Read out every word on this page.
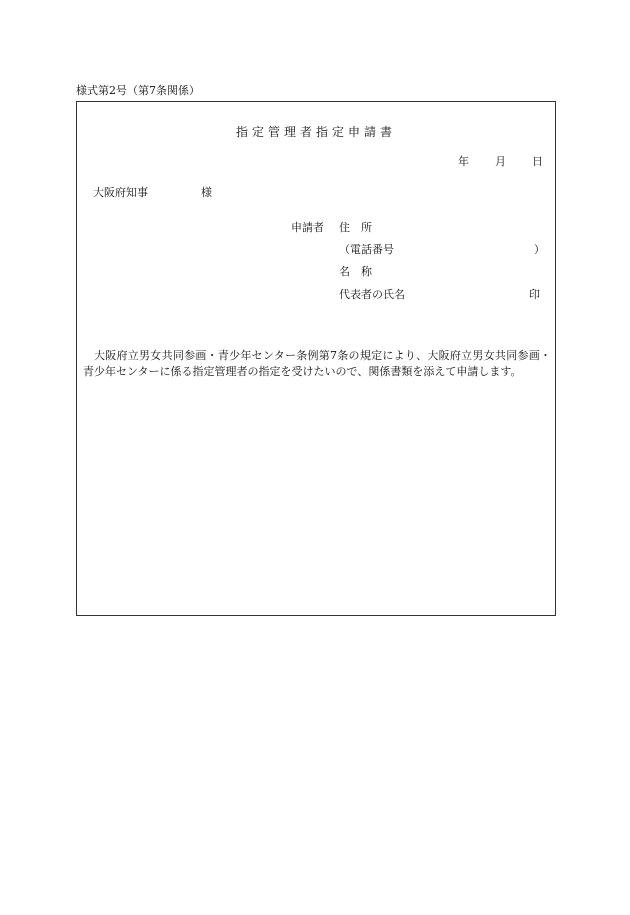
様式第2号（第7条関係）
指定管理者指定申請書
年 月 日
大阪府知事	様
申請者 住　所
（電話番号	）
名　称
代表者の氏名	印
大阪府立男女共同参画・青少年センター条例第7条の規定により、大阪府立男女共同参画・青少年センターに係る指定管理者の指定を受けたいので、関係書類を添えて申請します。
